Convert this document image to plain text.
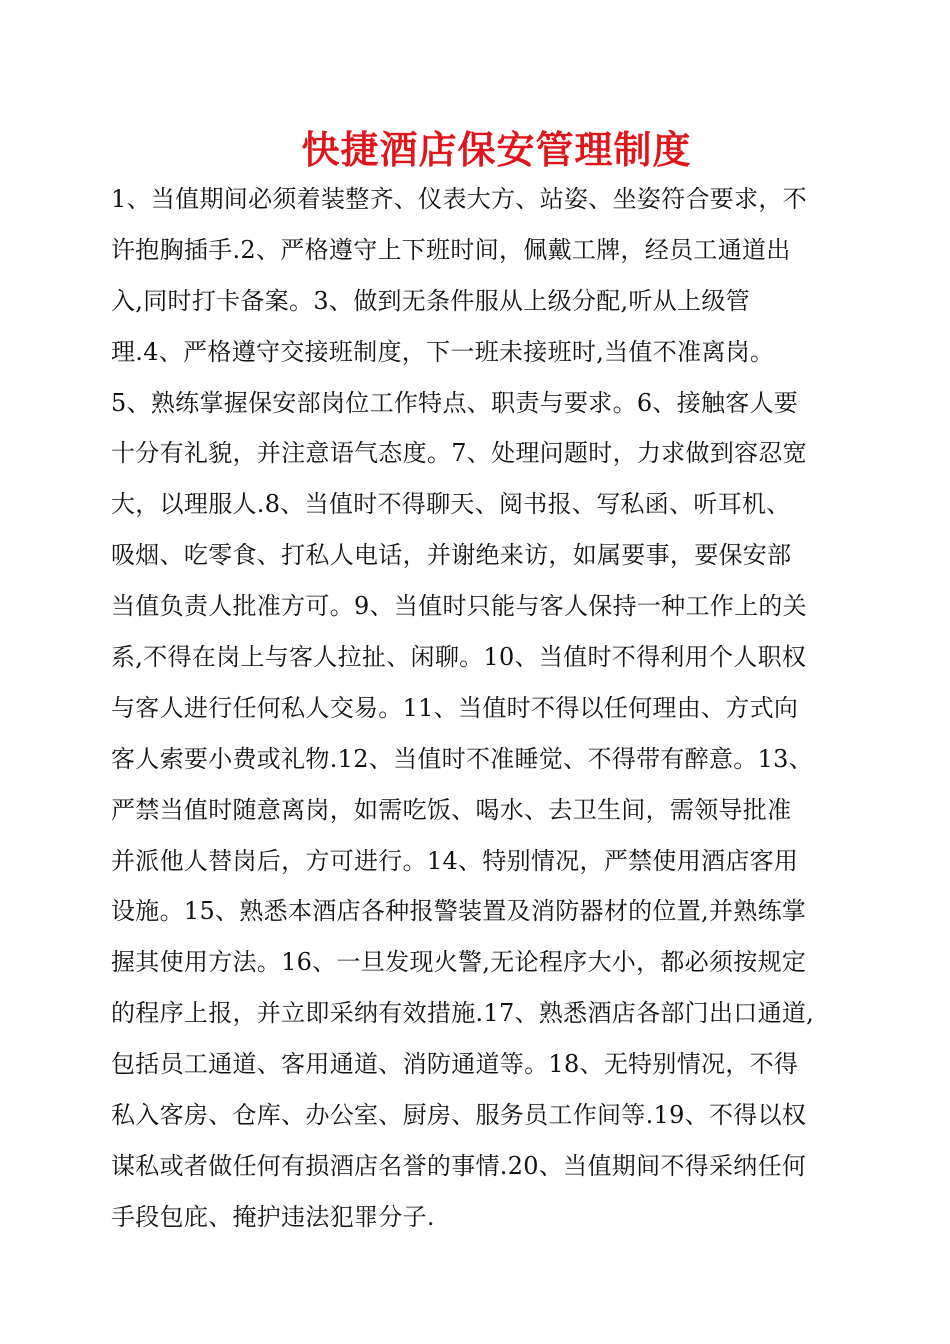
快捷酒店保安管理制度
1、当值期间必须着装整齐、仪表大方、站姿、坐姿符合要求，不
许抱胸插手.2、严格遵守上下班时间，佩戴工牌，经员工通道出
入,同时打卡备案。3、做到无条件服从上级分配,听从上级管
理.4、严格遵守交接班制度，下一班未接班时,当值不准离岗。
5、熟练掌握保安部岗位工作特点、职责与要求。6、接触客人要
十分有礼貌，并注意语气态度。7、处理问题时，力求做到容忍宽
大，以理服人.8、当值时不得聊天、阅书报、写私函、听耳机、
吸烟、吃零食、打私人电话，并谢绝来访，如属要事，要保安部
当值负责人批准方可。9、当值时只能与客人保持一种工作上的关
系,不得在岗上与客人拉扯、闲聊。10、当值时不得利用个人职权
与客人进行任何私人交易。11、当值时不得以任何理由、方式向
客人索要小费或礼物.12、当值时不准睡觉、不得带有醉意。13、
严禁当值时随意离岗，如需吃饭、喝水、去卫生间，需领导批准
并派他人替岗后，方可进行。14、特别情况，严禁使用酒店客用
设施。15、熟悉本酒店各种报警装置及消防器材的位置,并熟练掌
握其使用方法。16、一旦发现火警,无论程序大小，都必须按规定
的程序上报，并立即采纳有效措施.17、熟悉酒店各部门出口通道,
包括员工通道、客用通道、消防通道等。18、无特别情况，不得
私入客房、仓库、办公室、厨房、服务员工作间等.19、不得以权
谋私或者做任何有损酒店名誉的事情.20、当值期间不得采纳任何
手段包庇、掩护违法犯罪分子.
